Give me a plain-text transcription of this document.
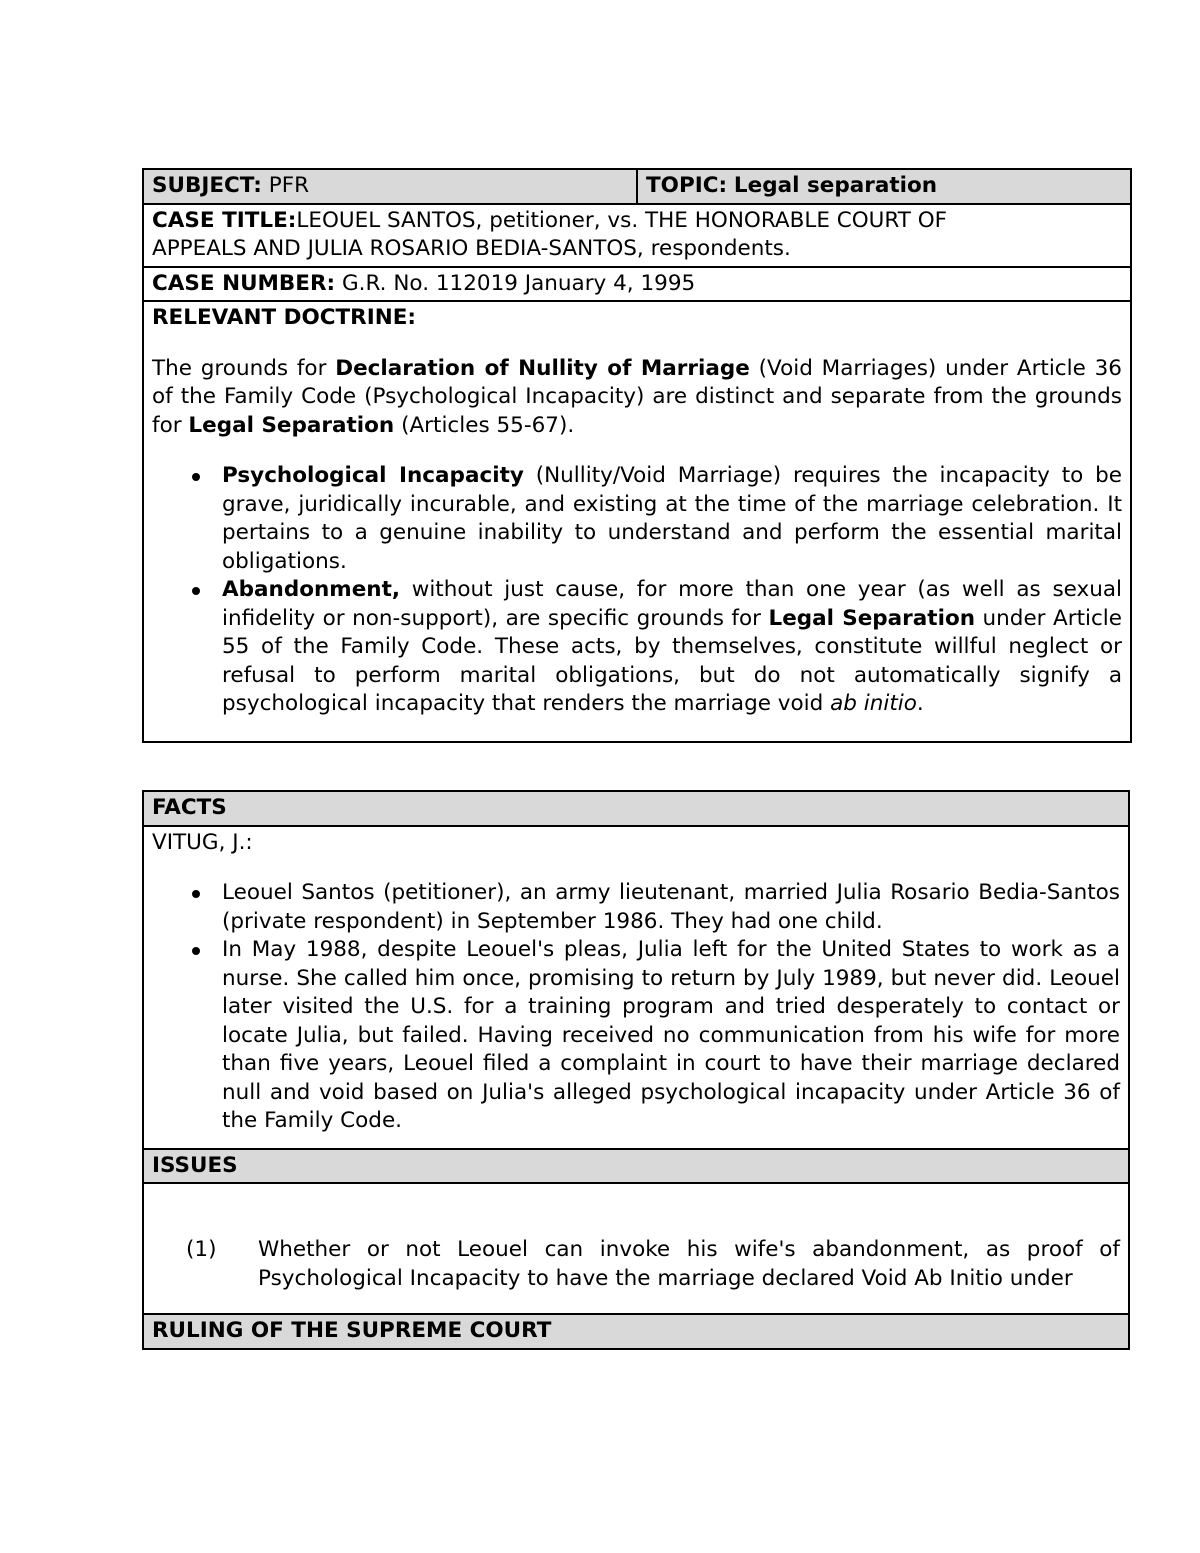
SUBJECT: PFR	TOPIC: Legal separation
CASE TITLE:LEOUEL SANTOS, petitioner, vs. THE HONORABLE COURT OF
APPEALS AND JULIA ROSARIO BEDIA-SANTOS, respondents.
CASE NUMBER: G.R. No. 112019 January 4, 1995

RELEVANT DOCTRINE:
The grounds for Declaration of Nullity of Marriage (Void Marriages) under Article 36 of the Family Code (Psychological Incapacity) are distinct and separate from the grounds for Legal Separation (Articles 55-67).
Psychological Incapacity (Nullity/Void Marriage) requires the incapacity to be grave, juridically incurable, and existing at the time of the marriage celebration. It pertains to a genuine inability to understand and perform the essential marital obligations.
Abandonment, without just cause, for more than one year (as well as sexual infidelity or non-support), are specific grounds for Legal Separation under Article 55 of the Family Code. These acts, by themselves, constitute willful neglect or refusal to perform marital obligations, but do not automatically signify a psychological incapacity that renders the marriage void ab initio.
FACTS

VITUG, J.:
Leouel Santos (petitioner), an army lieutenant, married Julia Rosario Bedia-Santos (private respondent) in September 1986. They had one child.
In May 1988, despite Leouel's pleas, Julia left for the United States to work as a nurse. She called him once, promising to return by July 1989, but never did. Leouel later visited the U.S. for a training program and tried desperately to contact or locate Julia, but failed. Having received no communication from his wife for more than five years, Leouel filed a complaint in court to have their marriage declared null and void based on Julia's alleged psychological incapacity under Article 36 of the Family Code.

ISSUES

(1) Whether or not Leouel can invoke his wife's abandonment, as proof of Psychological Incapacity to have the marriage declared Void Ab Initio under

RULING OF THE SUPREME COURT
